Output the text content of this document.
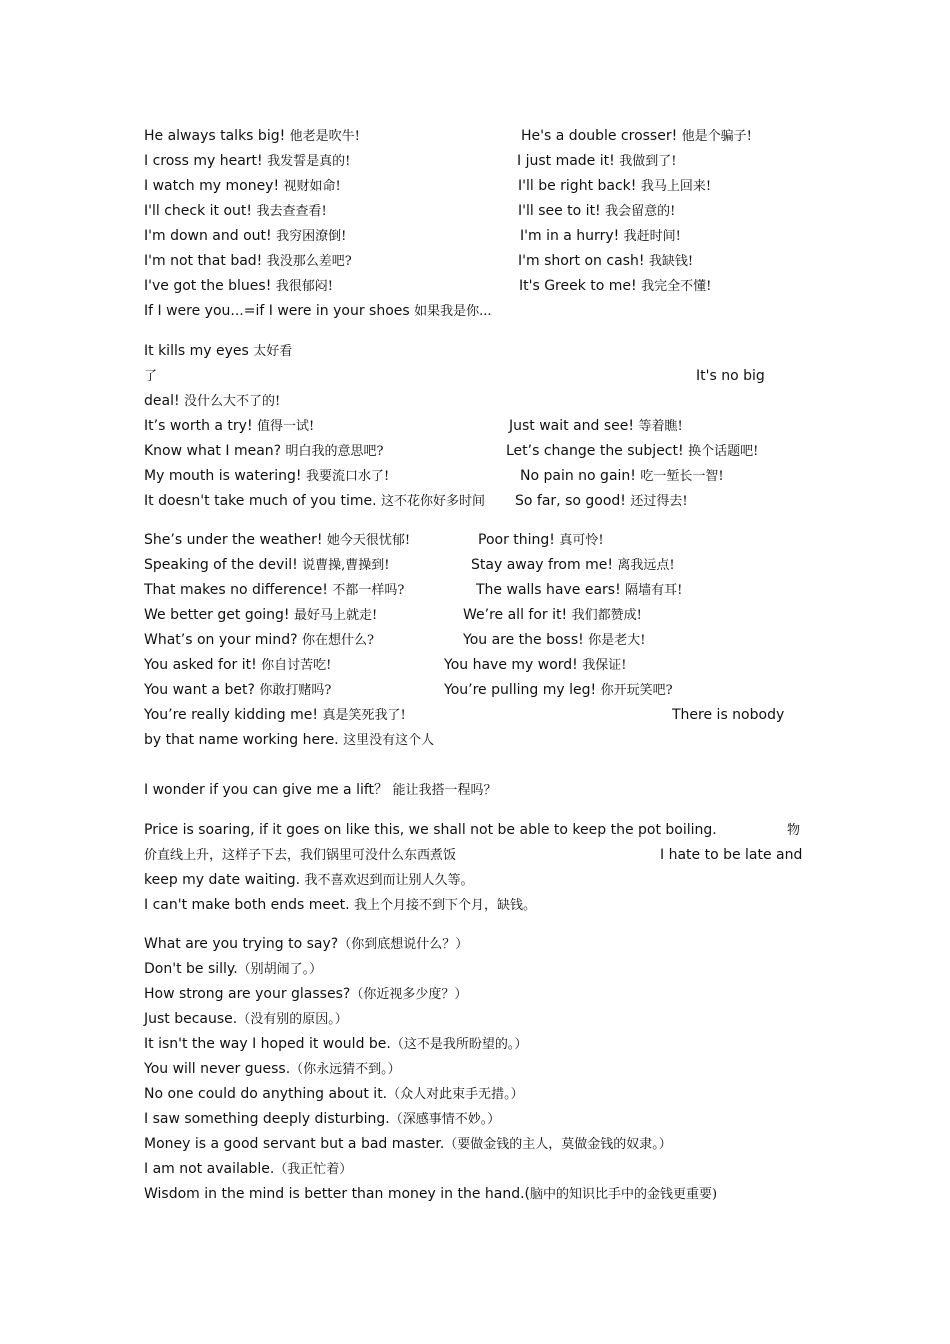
He always talks big! 他老是吹牛!	He's a double crosser! 他是个骗子!
I cross my heart! 我发誓是真的!	I just made it! 我做到了!
I watch my money! 视财如命!	I'll be right back! 我马上回来!
I'll check it out! 我去查查看!	I'll see to it! 我会留意的!
I'm down and out! 我穷困潦倒!	I'm in a hurry! 我赶时间!
I'm not that bad! 我没那么差吧?	I'm short on cash! 我缺钱!
I've got the blues! 我很郁闷!	It's Greek to me! 我完全不懂!
If I were you...=if I were in your shoes 如果我是你...
It kills my eyes 太好看
了	It's no big
deal! 没什么大不了的!
It’s worth a try! 值得一试!	Just wait and see! 等着瞧!
Know what I mean? 明白我的意思吧?	Let’s change the subject! 换个话题吧!
My mouth is watering! 我要流口水了!	No pain no gain! 吃一堑长一智!
It doesn't take much of you time. 这不花你好多时间 So far, so good! 还过得去!
She’s under the weather! 她今天很忧郁!	Poor thing! 真可怜!
Speaking of the devil! 说曹操,曹操到!	Stay away from me! 离我远点!
That makes no difference! 不都一样吗?	The walls have ears! 隔墙有耳!
We better get going! 最好马上就走!	We’re all for it! 我们都赞成!
What’s on your mind? 你在想什么?	You are the boss! 你是老大!
You asked for it! 你自讨苦吃!	You have my word! 我保证!
You want a bet? 你敢打赌吗?	You’re pulling my leg! 你开玩笑吧?
You’re really kidding me! 真是笑死我了!	There is nobody
by that name working here. 这里没有这个人
I wonder if you can give me a lift？ 能让我搭一程吗？
Price is soaring, if it goes on like this, we shall not be able to keep the pot boiling.	物
价直线上升，这样子下去，我们锅里可没什么东西煮饭	I hate to be late and
keep my date waiting. 我不喜欢迟到而让别人久等。
I can't make both ends meet. 我上个月接不到下个月，缺钱。
What are you trying to say?（你到底想说什么？）
Don't be silly.（别胡闹了。）
How strong are your glasses?（你近视多少度？）
Just because.（没有别的原因。）
It isn't the way I hoped it would be.（这不是我所盼望的。）
You will never guess.（你永远猜不到。）
No one could do anything about it.（众人对此束手无措。）
I saw something deeply disturbing.（深感事情不妙。）
Money is a good servant but a bad master.（要做金钱的主人，莫做金钱的奴隶。）
I am not available.（我正忙着）
Wisdom in the mind is better than money in the hand.(脑中的知识比手中的金钱更重要)
